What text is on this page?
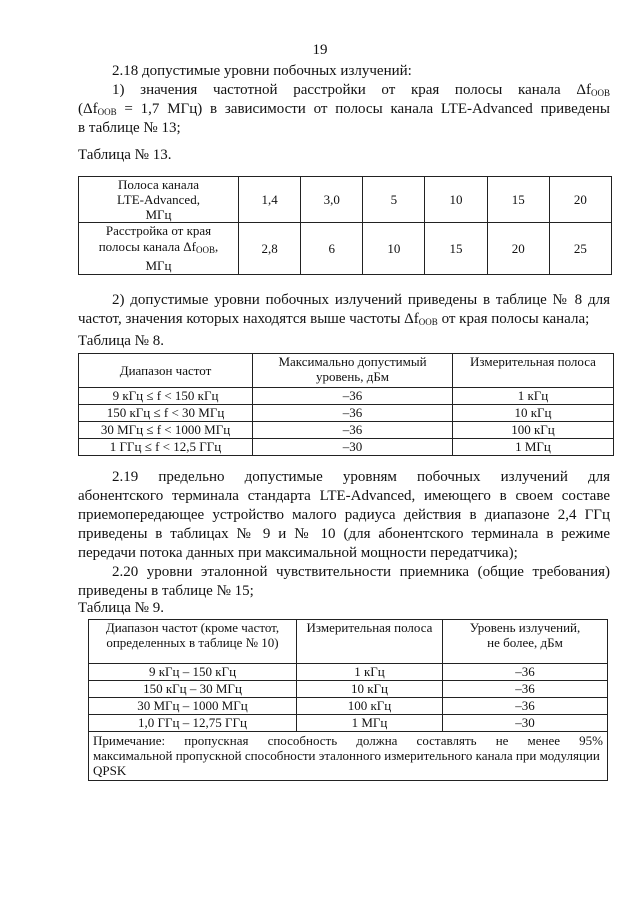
19
2.18 допустимые уровни побочных излучений:
1) значения частотной расстройки от края полосы канала $\Delta f_{OOB}$
($\Delta f_{OOB} = 1,7$ МГц) в зависимости от полосы канала LTE-Advanced приведены
в таблице № 13;
Таблица № 13.
Полоса канала
LTE-Advanced,
МГц	1,4	3,0	5	10	15	20
Расстройка от края
полосы канала $\Delta f_{OOB}$,
МГц	2,8	6	10	15	20	25
2) допустимые уровни побочных излучений приведены в таблице № 8 для
частот, значения которых находятся выше частоты $\Delta f_{OOB}$ от края полосы канала;
Таблица № 8.
Диапазон частот	Максимально допустимый уровень, дБм	Измерительная полоса
9 кГц ≤ f < 150 кГц	–36	1 кГц
150 кГц ≤ f < 30 МГц	–36	10 кГц
30 МГц ≤ f < 1000 МГц	–36	100 кГц
1 ГГц ≤ f < 12,5 ГГц	–30	1 МГц
2.19 предельно допустимые уровням побочных излучений для
абонентского терминала стандарта LTE-Advanced, имеющего в своем составе
приемопередающее устройство малого радиуса действия в диапазоне 2,4 ГГц
приведены в таблицах № 9 и № 10 (для абонентского терминала в режиме
передачи потока данных при максимальной мощности передатчика);
2.20 уровни эталонной чувствительности приемника (общие требования)
приведены в таблице № 15;
Таблица № 9.
Диапазон частот (кроме частот, определенных в таблице № 10)	Измерительная полоса	Уровень излучений, не более, дБм
9 кГц – 150 кГц	1 кГц	–36
150 кГц – 30 МГц	10 кГц	–36
30 МГц – 1000 МГц	100 кГц	–36
1,0 ГГц – 12,75 ГГц	1 МГц	–30

Примечание: пропускная способность должна составлять не менее 95%
максимальной пропускной способности эталонного измерительного канала при модуляции
QPSK		
